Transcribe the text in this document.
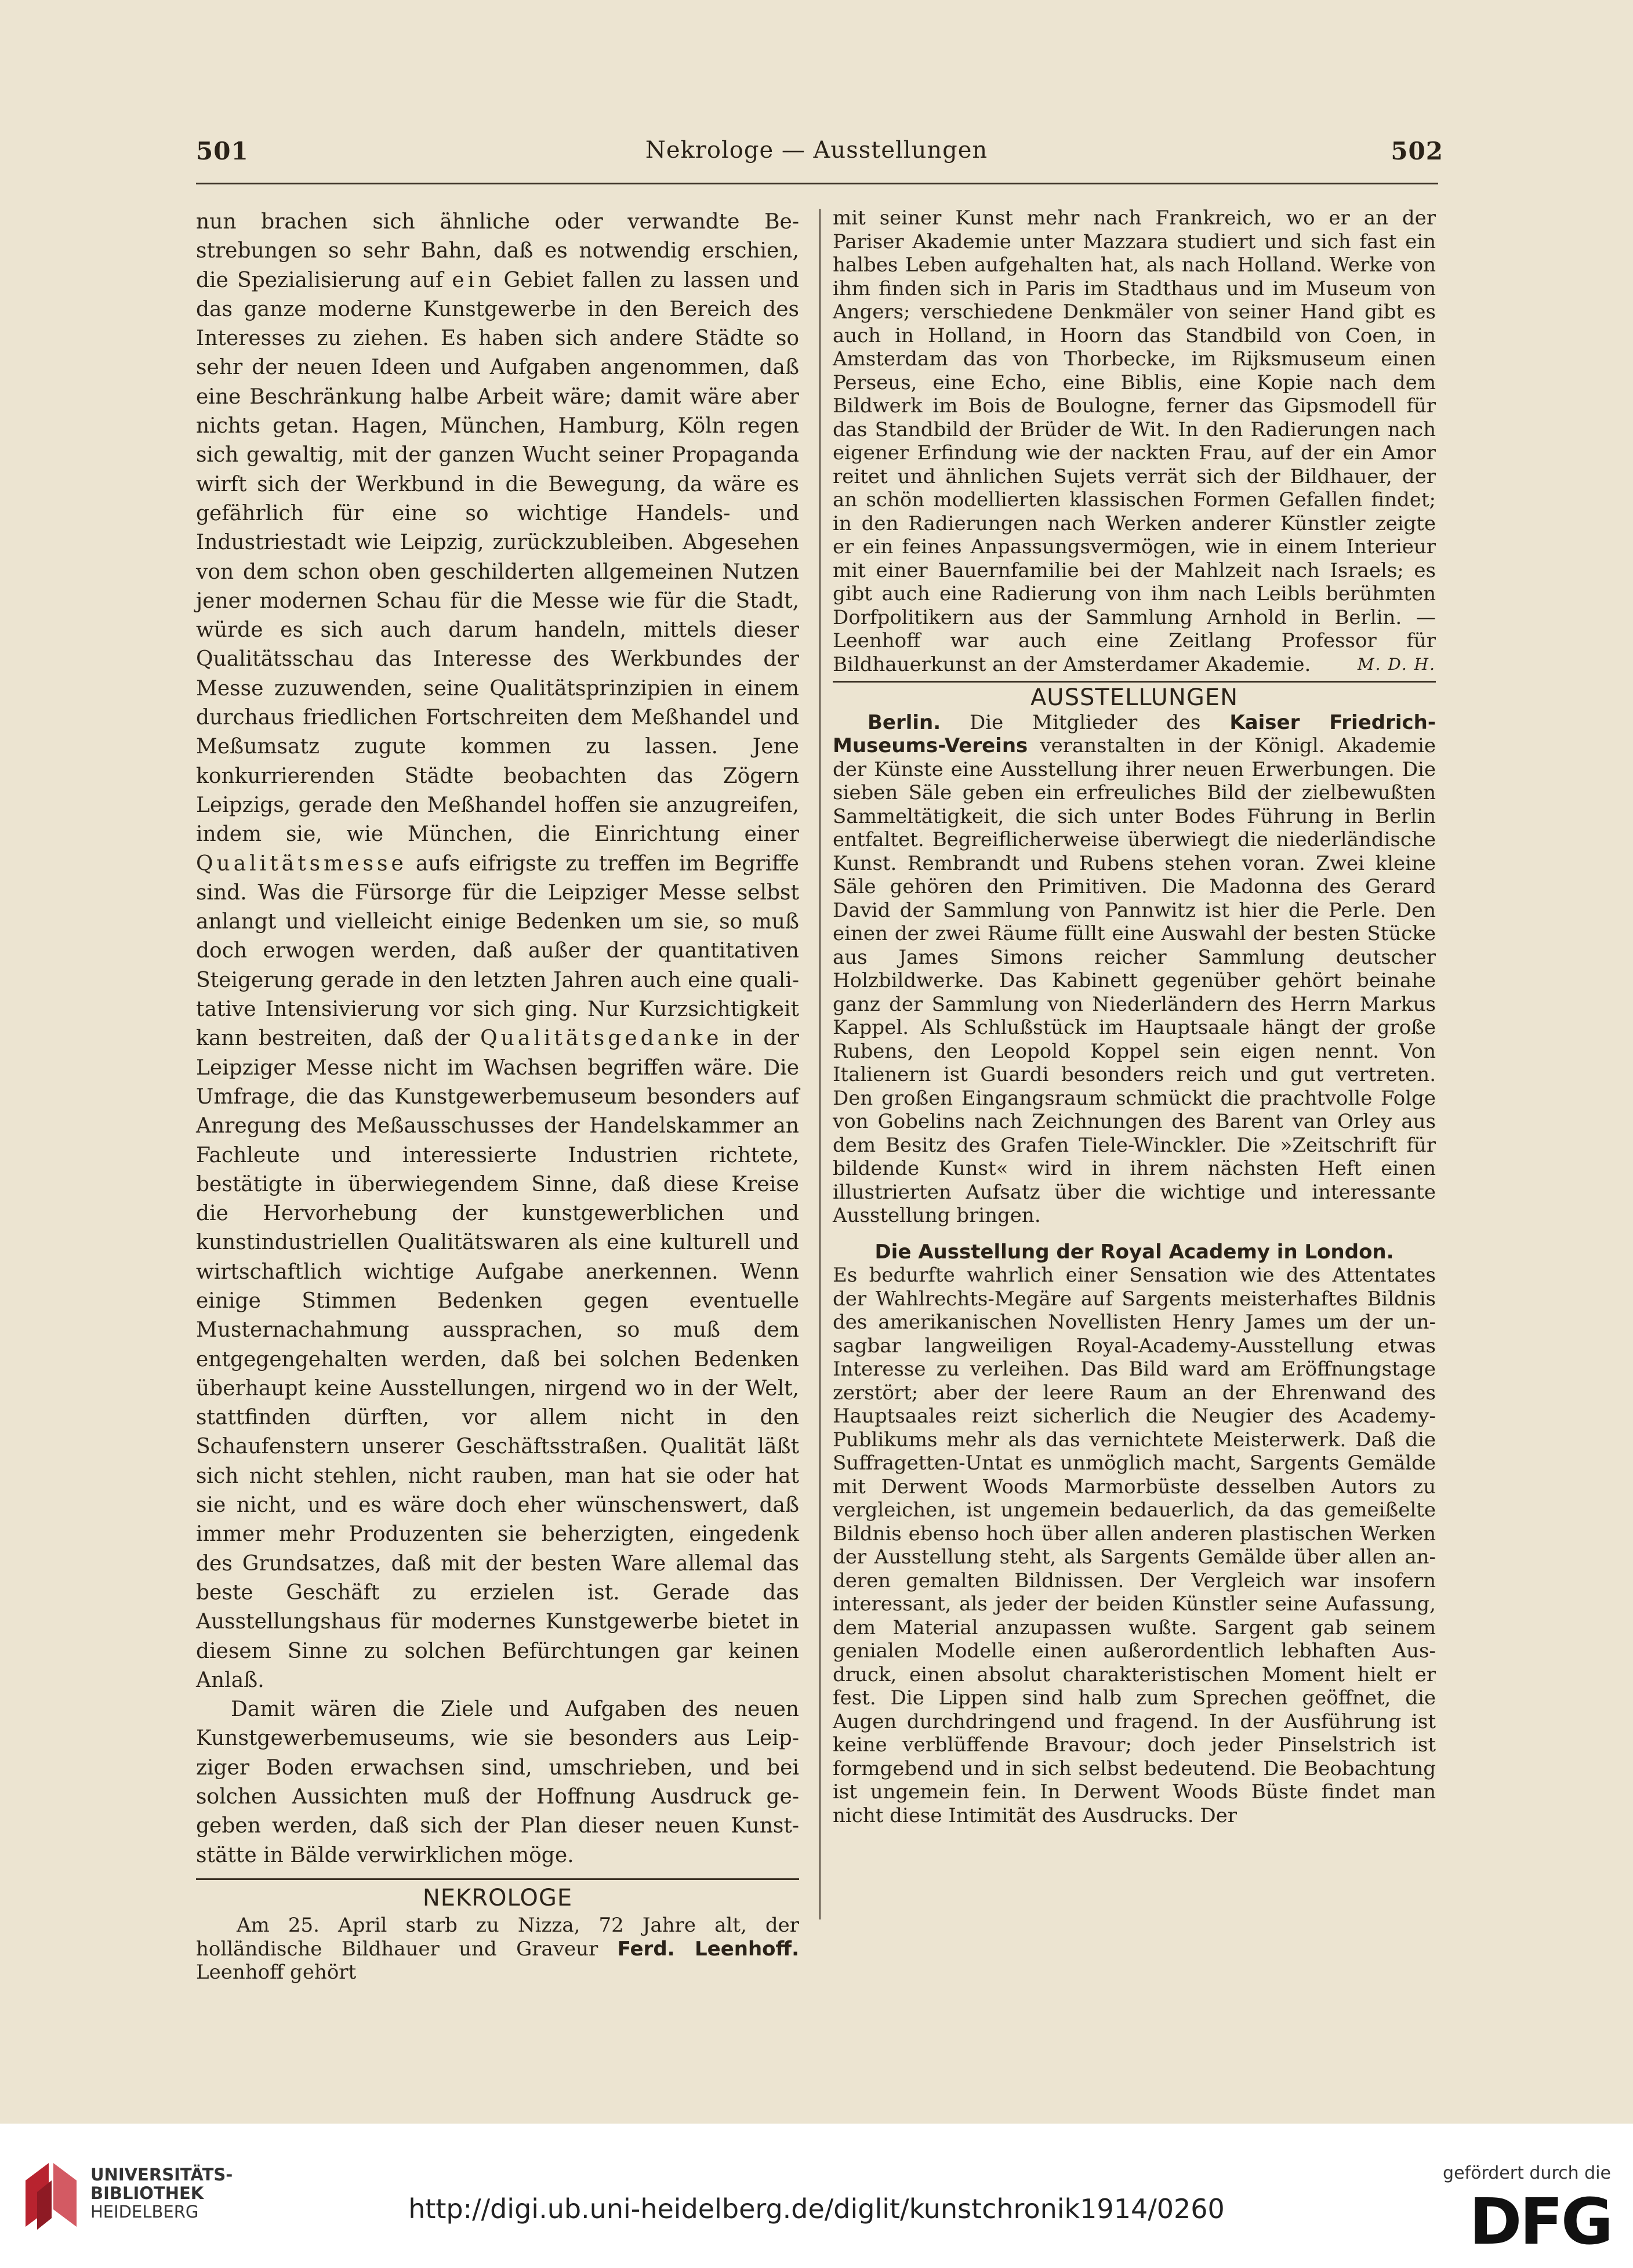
501	Nekrologe — Ausstellungen	502

nun brachen sich ähnliche oder verwandte Bestrebungen so sehr Bahn, daß es notwendig erschien, die Spezialisierung auf ein Gebiet fallen zu lassen und das ganze moderne Kunstgewerbe in den Bereich des Interesses zu ziehen. Es haben sich andere Städte so sehr der neuen Ideen und Aufgaben angenommen, daß eine Beschränkung halbe Arbeit wäre; damit wäre aber nichts getan. Hagen, München, Hamburg, Köln regen sich gewaltig, mit der ganzen Wucht seiner Propaganda wirft sich der Werkbund in die Bewegung, da wäre es gefährlich für eine so wichtige Handels- und Industriestadt wie Leipzig, zurückzubleiben. Abgesehen von dem schon oben geschilderten allgemeinen Nutzen jener modernen Schau für die Messe wie für die Stadt, würde es sich auch darum handeln, mittels dieser Qualitätsschau das Interesse des Werkbundes der Messe zuzuwenden, seine Qualitätsprinzipien in einem durchaus friedlichen Fortschreiten dem Meßhandel und Meßumsatz zugute kommen zu lassen. Jene konkurrierenden Städte beobachten das Zögern Leipzigs, gerade den Meßhandel hoffen sie anzugreifen, indem sie, wie München, die Einrichtung einer Qualitätsmesse aufs eifrigste zu treffen im Begriffe sind. Was die Fürsorge für die Leipziger Messe selbst anlangt und vielleicht einige Bedenken um sie, so muß doch erwogen werden, daß außer der quantitativen Steigerung gerade in den letzten Jahren auch eine qualitative Intensivierung vor sich ging. Nur Kurzsichtigkeit kann bestreiten, daß der Qualitätsgedanke in der Leipziger Messe nicht im Wachsen begriffen wäre. Die Umfrage, die das Kunstgewerbemuseum besonders auf Anregung des Meßausschusses der Handelskammer an Fachleute und interessierte Industrien richtete, bestätigte in überwiegendem Sinne, daß diese Kreise die Hervorhebung der kunstgewerblichen und kunstindustriellen Qualitätswaren als eine kulturell und wirtschaftlich wichtige Aufgabe anerkennen. Wenn einige Stimmen Bedenken gegen eventuelle Musternachahmung aussprachen, so muß dem entgegengehalten werden, daß bei solchen Bedenken überhaupt keine Ausstellungen, nirgend wo in der Welt, stattfinden dürften, vor allem nicht in den Schaufenstern unserer Geschäftsstraßen. Qualität läßt sich nicht stehlen, nicht rauben, man hat sie oder hat sie nicht, und es wäre doch eher wünschenswert, daß immer mehr Produzenten sie beherzigten, eingedenk des Grundsatzes, daß mit der besten Ware allemal das beste Geschäft zu erzielen ist. Gerade das Ausstellungshaus für modernes Kunstgewerbe bietet in diesem Sinne zu solchen Befürchtungen gar keinen Anlaß.

Damit wären die Ziele und Aufgaben des neuen Kunstgewerbemuseums, wie sie besonders aus Leipziger Boden erwachsen sind, umschrieben, und bei solchen Aussichten muß der Hoffnung Ausdruck gegeben werden, daß sich der Plan dieser neuen Kunststätte in Bälde verwirklichen möge.

NEKROLOGE

Am 25. April starb zu Nizza, 72 Jahre alt, der holländische Bildhauer und Graveur Ferd. Leenhoff. Leenhoff gehört

mit seiner Kunst mehr nach Frankreich, wo er an der Pariser Akademie unter Mazzara studiert und sich fast ein halbes Leben aufgehalten hat, als nach Holland. Werke von ihm finden sich in Paris im Stadthaus und im Museum von Angers; verschiedene Denkmäler von seiner Hand gibt es auch in Holland, in Hoorn das Standbild von Coen, in Amsterdam das von Thorbecke, im Rijksmuseum einen Perseus, eine Echo, eine Biblis, eine Kopie nach dem Bildwerk im Bois de Boulogne, ferner das Gipsmodell für das Standbild der Brüder de Wit. In den Radierungen nach eigener Erfindung wie der nackten Frau, auf der ein Amor reitet und ähnlichen Sujets verrät sich der Bildhauer, der an schön modellierten klassischen Formen Gefallen findet; in den Radierungen nach Werken anderer Künstler zeigte er ein feines Anpassungsvermögen, wie in einem Interieur mit einer Bauernfamilie bei der Mahlzeit nach Israels; es gibt auch eine Radierung von ihm nach Leibls berühmten Dorfpolitikern aus der Sammlung Arnhold in Berlin. — Leenhoff war auch eine Zeitlang Professor für Bildhauerkunst an der Amsterdamer Akademie.	M. D. H.

AUSSTELLUNGEN

Berlin. Die Mitglieder des Kaiser Friedrich-Museums-Vereins veranstalten in der Königl. Akademie der Künste eine Ausstellung ihrer neuen Erwerbungen. Die sieben Säle geben ein erfreuliches Bild der zielbewußten Sammeltätigkeit, die sich unter Bodes Führung in Berlin entfaltet. Begreiflicherweise überwiegt die niederländische Kunst. Rembrandt und Rubens stehen voran. Zwei kleine Säle gehören den Primitiven. Die Madonna des Gerard David der Sammlung von Pannwitz ist hier die Perle. Den einen der zwei Räume füllt eine Auswahl der besten Stücke aus James Simons reicher Sammlung deutscher Holzbildwerke. Das Kabinett gegenüber gehört beinahe ganz der Sammlung von Niederländern des Herrn Markus Kappel. Als Schlußstück im Hauptsaale hängt der große Rubens, den Leopold Koppel sein eigen nennt. Von Italienern ist Guardi besonders reich und gut vertreten. Den großen Eingangsraum schmückt die prachtvolle Folge von Gobelins nach Zeichnungen des Barent van Orley aus dem Besitz des Grafen Tiele-Winckler. Die »Zeitschrift für bildende Kunst« wird in ihrem nächsten Heft einen illustrierten Aufsatz über die wichtige und interessante Ausstellung bringen.

Die Ausstellung der Royal Academy in London.

Es bedurfte wahrlich einer Sensation wie des Attentates der Wahlrechts-Megäre auf Sargents meisterhaftes Bildnis des amerikanischen Novellisten Henry James um der unsagbar langweiligen Royal-Academy-Ausstellung etwas Interesse zu verleihen. Das Bild ward am Eröffnungstage zerstört; aber der leere Raum an der Ehrenwand des Hauptsaales reizt sicherlich die Neugier des Academy-Publikums mehr als das vernichtete Meisterwerk. Daß die Suffragetten-Untat es unmöglich macht, Sargents Gemälde mit Derwent Woods Marmorbüste desselben Autors zu vergleichen, ist ungemein bedauerlich, da das gemeißelte Bildnis ebenso hoch über allen anderen plastischen Werken der Ausstellung steht, als Sargents Gemälde über allen anderen gemalten Bildnissen. Der Vergleich war insofern interessant, als jeder der beiden Künstler seine Aufassung, dem Material anzupassen wußte. Sargent gab seinem genialen Modelle einen außerordentlich lebhaften Ausdruck, einen absolut charakteristischen Moment hielt er fest. Die Lippen sind halb zum Sprechen geöffnet, die Augen durchdringend und fragend. In der Ausführung ist keine verblüffende Bravour; doch jeder Pinselstrich ist formgebend und in sich selbst bedeutend. Die Beobachtung ist ungemein fein. In Derwent Woods Büste findet man nicht diese Intimität des Ausdrucks. Der

UNIVERSITÄTS-
BIBLIOTHEK
HEIDELBERG	http://digi.ub.uni-heidelberg.de/diglit/kunstchronik1914/0260
gefördert durch die
DFG
